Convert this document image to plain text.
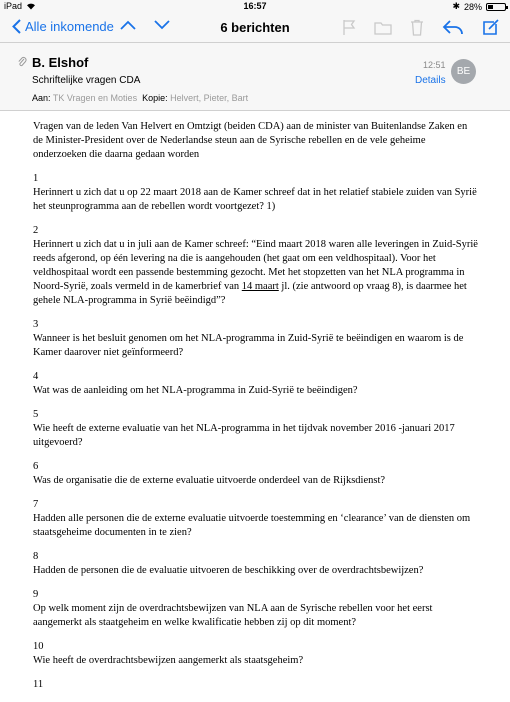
iPad	16:57	✱ 28%
Alle inkomende	6 berichten
B. Elshof
Schriftelijke vragen CDA
Aan: TK Vragen en Moties Kopie: Helvert, Pieter, Bart
12:51
Details
BE

Vragen van de leden Van Helvert en Omtzigt (beiden CDA) aan de minister van Buitenlandse Zaken en de Minister-President over de Nederlandse steun aan de Syrische rebellen en de vele geheime onderzoeken die daarna gedaan worden

1
Herinnert u zich dat u op 22 maart 2018 aan de Kamer schreef dat in het relatief stabiele zuiden van Syrië het steunprogramma aan de rebellen wordt voortgezet? 1)
2
Herinnert u zich dat u in juli aan de Kamer schreef: “Eind maart 2018 waren alle leveringen in Zuid-Syrië reeds afgerond, op één levering na die is aangehouden (het gaat om een veldhospitaal). Voor het veldhospitaal wordt een passende bestemming gezocht. Met het stopzetten van het NLA programma in Noord-Syrië, zoals vermeld in de kamerbrief van 14 maart jl. (zie antwoord op vraag 8), is daarmee het gehele NLA-programma in Syrië beëindigd”?
3
Wanneer is het besluit genomen om het NLA-programma in Zuid-Syrië te beëindigen en waarom is de Kamer daarover niet geïnformeerd?
4
Wat was de aanleiding om het NLA-programma in Zuid-Syrië te beëindigen?
5
Wie heeft de externe evaluatie van het NLA-programma in het tijdvak november 2016 -januari 2017 uitgevoerd?
6
Was de organisatie die de externe evaluatie uitvoerde onderdeel van de Rijksdienst?
7
Hadden alle personen die de externe evaluatie uitvoerde toestemming en ‘clearance’ van de diensten om staatsgeheime documenten in te zien?
8
Hadden de personen die de evaluatie uitvoeren de beschikking over de overdrachtsbewijzen?
9
Op welk moment zijn de overdrachtsbewijzen van NLA aan de Syrische rebellen voor het eerst aangemerkt als staatgeheim en welke kwalificatie hebben zij op dit moment?
10
Wie heeft de overdrachtsbewijzen aangemerkt als staatsgeheim?
11
